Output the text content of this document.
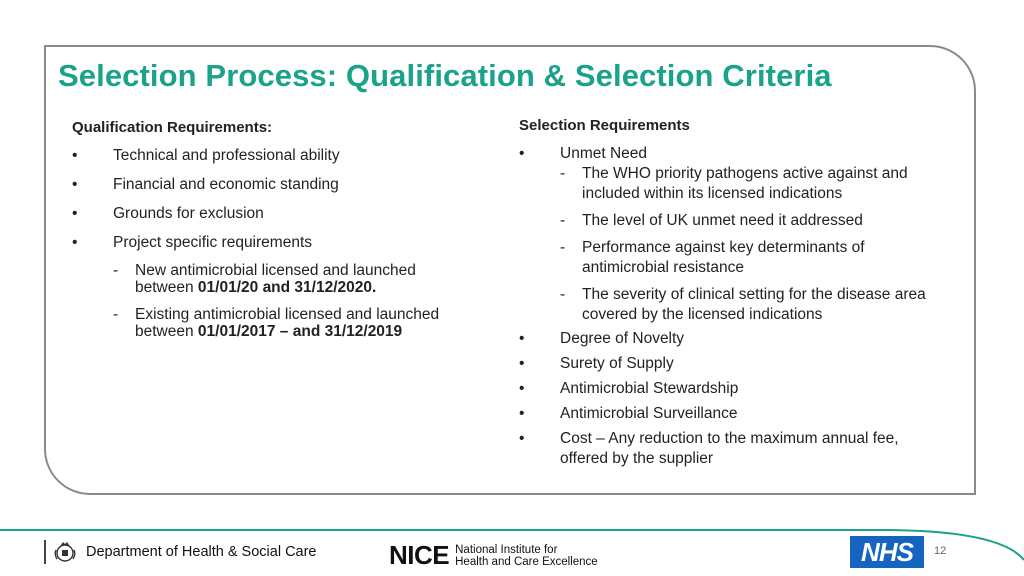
Selection Process: Qualification & Selection Criteria
Qualification Requirements:
• Technical and professional ability
• Financial and economic standing
• Grounds for exclusion
• Project specific requirements
- New antimicrobial licensed and launched between 01/01/20 and 31/12/2020.
- Existing antimicrobial licensed and launched between 01/01/2017 – and 31/12/2019
Selection Requirements
• Unmet Need
- The WHO priority pathogens active against and included within its licensed indications
- The level of UK unmet need it addressed
- Performance against key determinants of antimicrobial resistance
- The severity of clinical setting for the disease area covered by the licensed indications
• Degree of Novelty
• Surety of Supply
• Antimicrobial Stewardship
• Antimicrobial Surveillance
• Cost – Any reduction to the maximum annual fee, offered by the supplier
Department of Health & Social Care	NICE National Institute for
Health and Care Excellence	NHS	12
